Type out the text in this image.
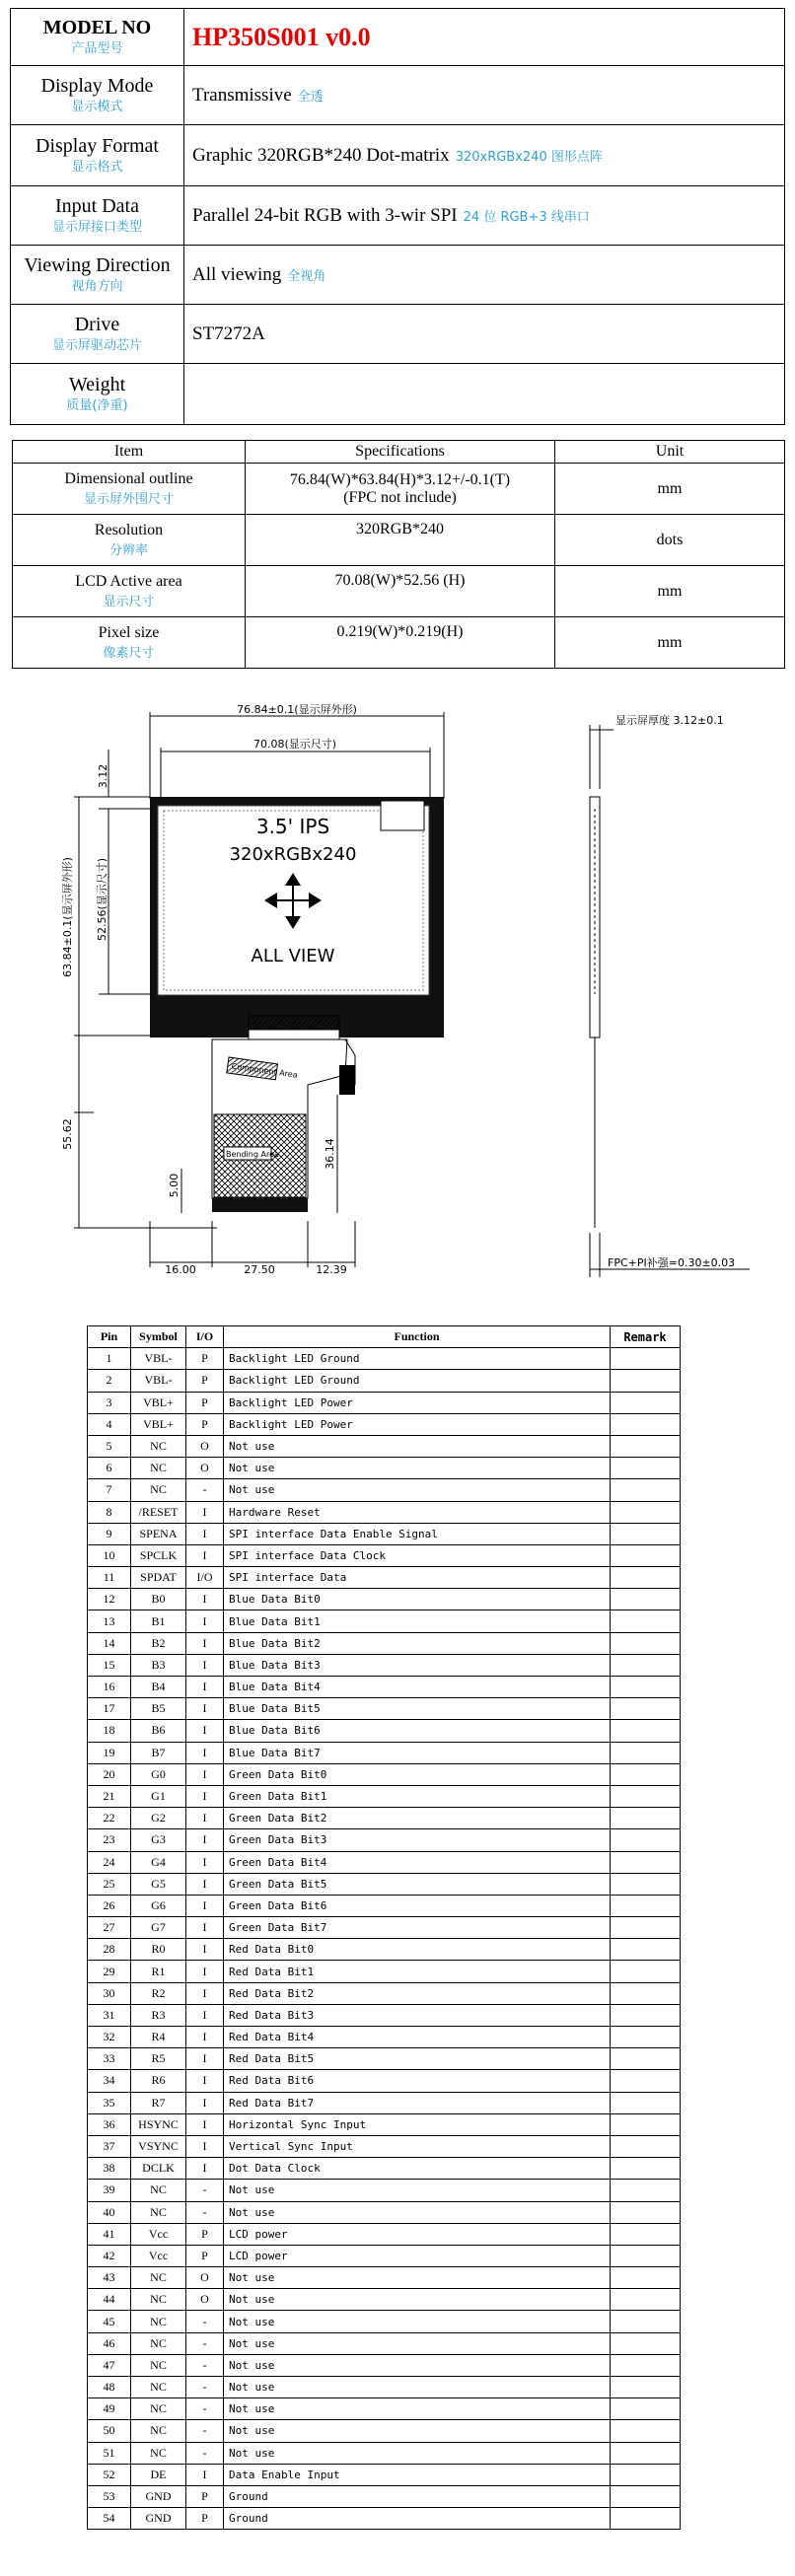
MODEL NO
产品型号	HP350S001 v0.0
Display Mode
显示模式	Transmissive 全透
Display Format
显示格式	Graphic 320RGB*240 Dot-matrix 320xRGBx240 图形点阵
Input Data
显示屏接口类型	Parallel 24-bit RGB with 3-wir SPI 24 位 RGB+3 线串口
Viewing Direction
视角方向	All viewing 全视角
Drive
显示屏驱动芯片	ST7272A
Weight
质量(净重)	

Item	Specifications	Unit
Dimensional outline
显示屏外围尺寸	76.84(W)*63.84(H)*3.12+/-0.1(T)
(FPC not include)	mm
Resolution
分辨率	320RGB*240	dots
LCD Active area
显示尺寸	70.08(W)*52.56 (H)	mm
Pixel size
像素尺寸	0.219(W)*0.219(H)	mm
76.84±0.1(显示屏外形)
70.08(显示尺寸)
3.12
63.84±0.1(显示屏外形) 52.56(显示尺寸)
55.62
3.5' IPS
320xRGBx240
ALL VIEW
Component Area
Bending Area	36.14
5.00
16.00	27.50	12.39
显示屏厚度 3.12±0.1
FPC+PI补强=0.30±0.03
Pin	Symbol	I/O	Function	Remark
1	VBL-	P	Backlight LED Ground	
2	VBL-	P	Backlight LED Ground	
3	VBL+	P	Backlight LED Power	
4	VBL+	P	Backlight LED Power	
5	NC	O	Not use	
6	NC	O	Not use	
7	NC	-	Not use	
8	/RESET	I	Hardware Reset	
9	SPENA	I	SPI interface Data Enable Signal	
10	SPCLK	I	SPI interface Data Clock	
11	SPDAT	I/O	SPI interface Data	
12	B0	I	Blue Data Bit0	
13	B1	I	Blue Data Bit1	
14	B2	I	Blue Data Bit2	
15	B3	I	Blue Data Bit3	
16	B4	I	Blue Data Bit4	
17	B5	I	Blue Data Bit5	
18	B6	I	Blue Data Bit6	
19	B7	I	Blue Data Bit7	
20	G0	I	Green Data Bit0	
21	G1	I	Green Data Bit1	
22	G2	I	Green Data Bit2	
23	G3	I	Green Data Bit3	
24	G4	I	Green Data Bit4	
25	G5	I	Green Data Bit5	
26	G6	I	Green Data Bit6	
27	G7	I	Green Data Bit7	
28	R0	I	Red Data Bit0	
29	R1	I	Red Data Bit1	
30	R2	I	Red Data Bit2	
31	R3	I	Red Data Bit3	
32	R4	I	Red Data Bit4	
33	R5	I	Red Data Bit5	
34	R6	I	Red Data Bit6	
35	R7	I	Red Data Bit7	
36	HSYNC	I	Horizontal Sync Input	
37	VSYNC	I	Vertical Sync Input	
38	DCLK	I	Dot Data Clock	
39	NC	-	Not use	
40	NC	-	Not use	
41	Vcc	P	LCD power	
42	Vcc	P	LCD power	
43	NC	O	Not use	
44	NC	O	Not use	
45	NC	-	Not use	
46	NC	-	Not use	
47	NC	-	Not use	
48	NC	-	Not use	
49	NC	-	Not use	
50	NC	-	Not use	
51	NC	-	Not use	
52	DE	I	Data Enable Input	
53	GND	P	Ground	
54	GND	P	Ground	
